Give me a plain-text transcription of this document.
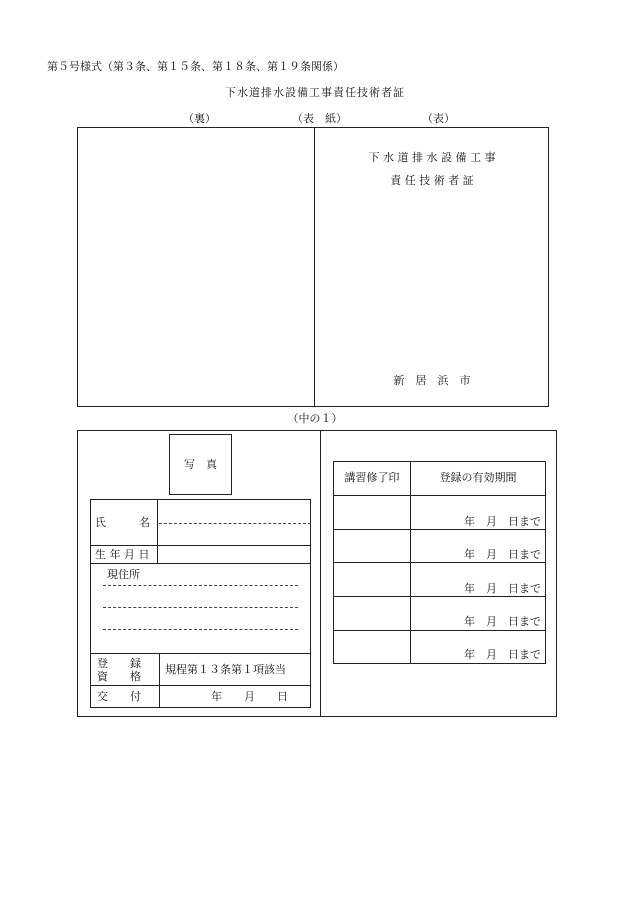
第５号様式（第３条、第１５条、第１８条、第１９条関係）
下水道排水設備工事責任技術者証
（裏）	（表　紙）	（表）
下 水 道 排 水 設 備 工 事
責 任 技 術 者 証
新　居　浜　市
（中の１）
写　真
氏　　　名
生 年 月 日
現住所
登　　録
資　　格
規程第１３条第１項該当
交　　付	年　　月　　日
講習修了印	登録の有効期間
年　月　日まで
年　月　日まで
年　月　日まで
年　月　日まで
年　月　日まで
